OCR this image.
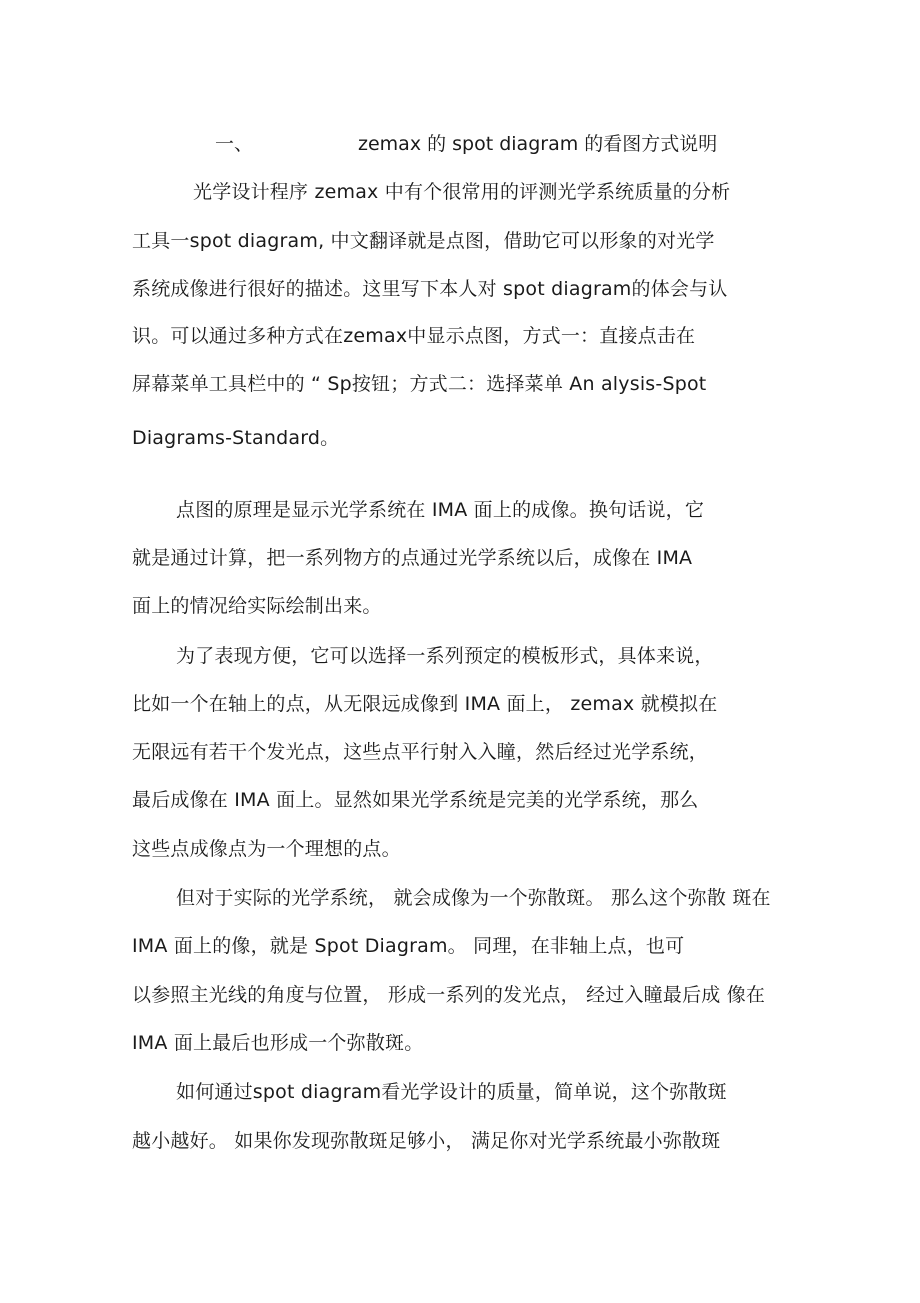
一、	zemax 的 spot diagram 的看图方式说明
光学设计程序 zemax 中有个很常用的评测光学系统质量的分析
工具一spot diagram, 中文翻译就是点图，借助它可以形象的对光学
系统成像进行很好的描述。这里写下本人对 spot diagram的体会与认
识。可以通过多种方式在zemax中显示点图，方式一：直接点击在
屏幕菜单工具栏中的 “ Sp按钮；方式二：选择菜单 An alysis-Spot
Diagrams-Standard。
点图的原理是显示光学系统在 IMA 面上的成像。换句话说，它
就是通过计算，把一系列物方的点通过光学系统以后，成像在 IMA
面上的情况给实际绘制出来。
为了表现方便，它可以选择一系列预定的模板形式，具体来说，
比如一个在轴上的点，从无限远成像到 IMA 面上， zemax 就模拟在
无限远有若干个发光点，这些点平行射入入瞳，然后经过光学系统，
最后成像在 IMA 面上。显然如果光学系统是完美的光学系统，那么
这些点成像点为一个理想的点。
但对于实际的光学系统， 就会成像为一个弥散斑。 那么这个弥散 斑在
IMA 面上的像，就是 Spot Diagram。 同理，在非轴上点，也可
以参照主光线的角度与位置， 形成一系列的发光点， 经过入瞳最后成 像在
IMA 面上最后也形成一个弥散斑。
如何通过spot diagram看光学设计的质量，简单说，这个弥散斑
越小越好。 如果你发现弥散斑足够小， 满足你对光学系统最小弥散斑
